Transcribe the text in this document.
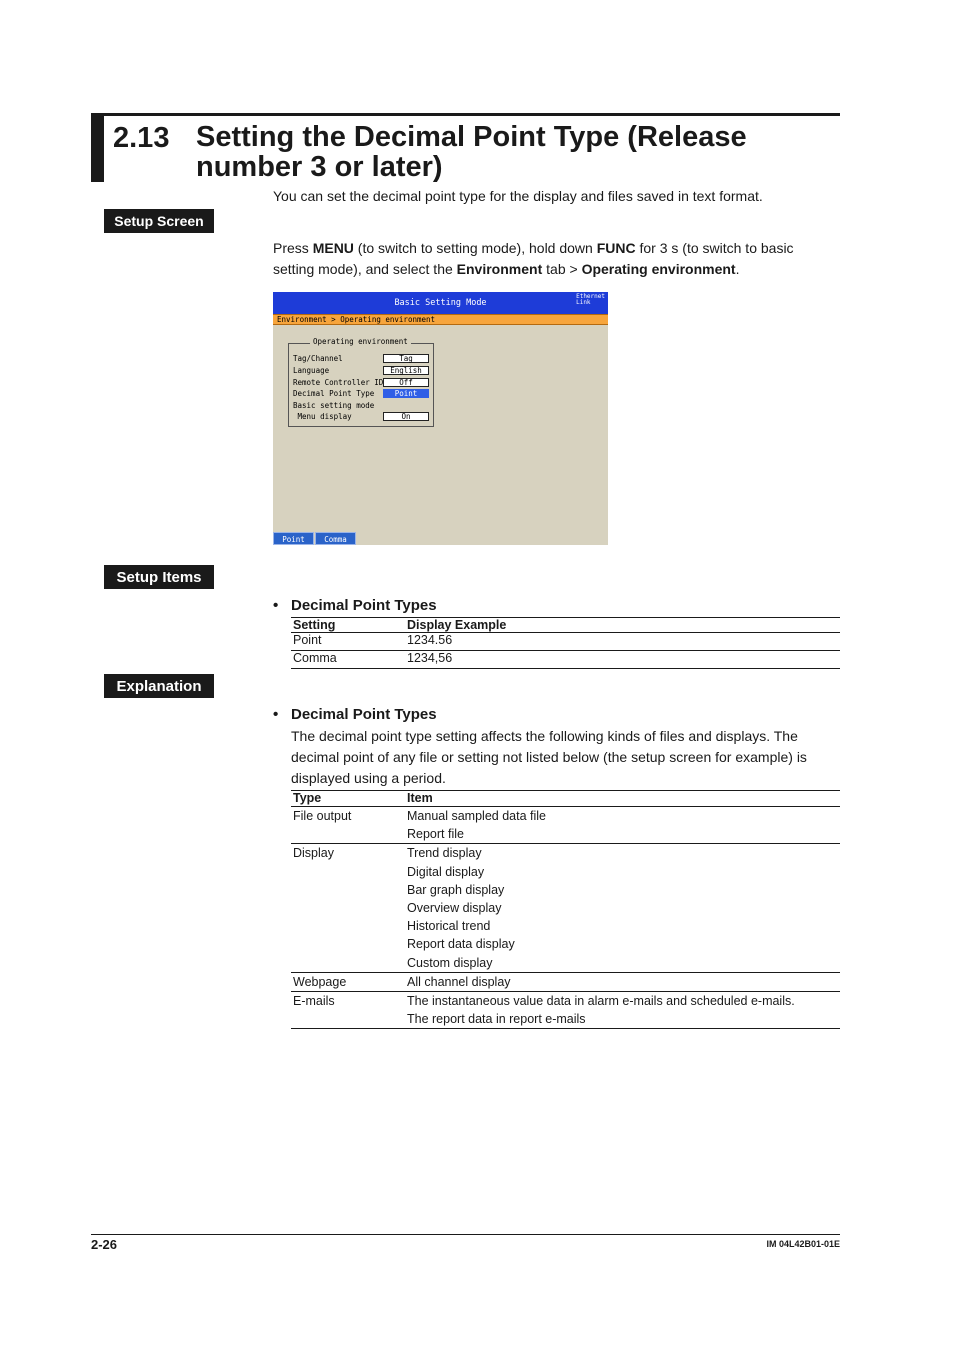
2.13 Setting the Decimal Point Type (Release number 3 or later)
You can set the decimal point type for the display and files saved in text format.
Setup Screen
Press MENU (to switch to setting mode), hold down FUNC for 3 s (to switch to basic setting mode), and select the Environment tab > Operating environment.
Basic Setting Mode
Ethernet
Link
Environment > Operating environment
Operating environment
Tag/Channel	Tag
Language	English
Remote Controller ID	Off
Decimal Point Type	Point
Basic setting mode
Menu display	On
Point	Comma
Setup Items
• Decimal Point Types
Setting	Display Example
Point	1234.56
Comma	1234,56
Explanation
• Decimal Point Types
The decimal point type setting affects the following kinds of files and displays. The decimal point of any file or setting not listed below (the setup screen for example) is displayed using a period.
Type	Item
File output	Manual sampled data file
	Report file
Display	Trend display
	Digital display
	Bar graph display
	Overview display
	Historical trend
	Report data display
	Custom display
Webpage	All channel display
E-mails	The instantaneous value data in alarm e-mails and scheduled e-mails.
	The report data in report e-mails
2-26	IM 04L42B01-01E
